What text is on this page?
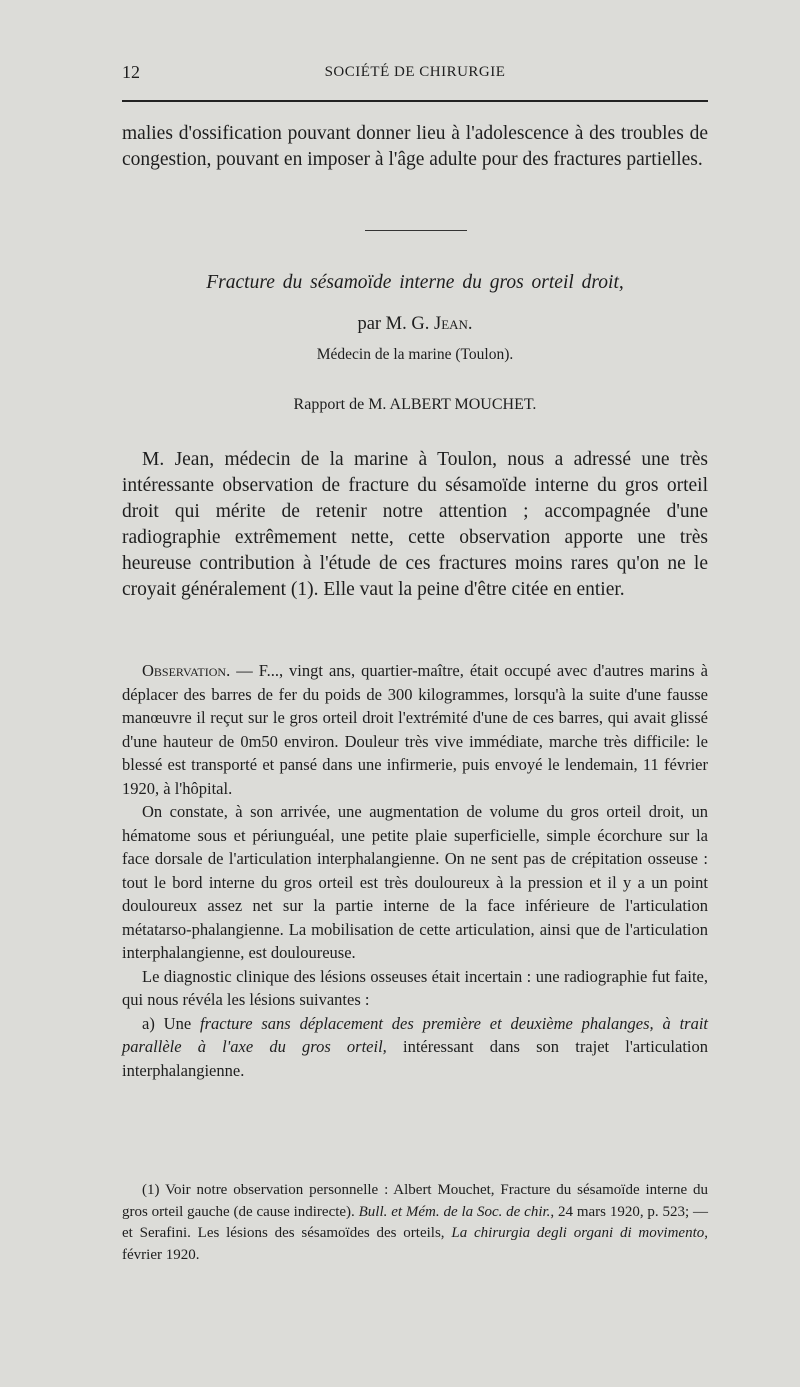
12	SOCIÉTÉ DE CHIRURGIE

malies d'ossification pouvant donner lieu à l'adolescence à des troubles de congestion, pouvant en imposer à l'âge adulte pour des fractures partielles.

Fracture du sésamoïde interne du gros orteil droit,
par M. G. Jean.
Médecin de la marine (Toulon).
Rapport de M. ALBERT MOUCHET.

M. Jean, médecin de la marine à Toulon, nous a adressé une très intéressante observation de fracture du sésamoïde interne du gros orteil droit qui mérite de retenir notre attention ; accompagnée d'une radiographie extrêmement nette, cette observation apporte une très heureuse contribution à l'étude de ces fractures moins rares qu'on ne le croyait généralement (1). Elle vaut la peine d'être citée en entier.

Observation. — F..., vingt ans, quartier-maître, était occupé avec d'autres marins à déplacer des barres de fer du poids de 300 kilogrammes, lorsqu'à la suite d'une fausse manœuvre il reçut sur le gros orteil droit l'extrémité d'une de ces barres, qui avait glissé d'une hauteur de 0m50 environ. Douleur très vive immédiate, marche très difficile: le blessé est transporté et pansé dans une infirmerie, puis envoyé le lendemain, 11 février 1920, à l'hôpital.

On constate, à son arrivée, une augmentation de volume du gros orteil droit, un hématome sous et périunguéal, une petite plaie superficielle, simple écorchure sur la face dorsale de l'articulation interphalangienne. On ne sent pas de crépitation osseuse : tout le bord interne du gros orteil est très douloureux à la pression et il y a un point douloureux assez net sur la partie interne de la face inférieure de l'articulation métatarso-phalangienne. La mobilisation de cette articulation, ainsi que de l'articulation interphalangienne, est douloureuse.

Le diagnostic clinique des lésions osseuses était incertain : une radiographie fut faite, qui nous révéla les lésions suivantes :

a) Une fracture sans déplacement des première et deuxième phalanges, à trait parallèle à l'axe du gros orteil, intéressant dans son trajet l'articulation interphalangienne.

(1) Voir notre observation personnelle : Albert Mouchet, Fracture du sésamoïde interne du gros orteil gauche (de cause indirecte). Bull. et Mém. de la Soc. de chir., 24 mars 1920, p. 523; — et Serafini. Les lésions des sésamoïdes des orteils, La chirurgia degli organi di movimento, février 1920.
